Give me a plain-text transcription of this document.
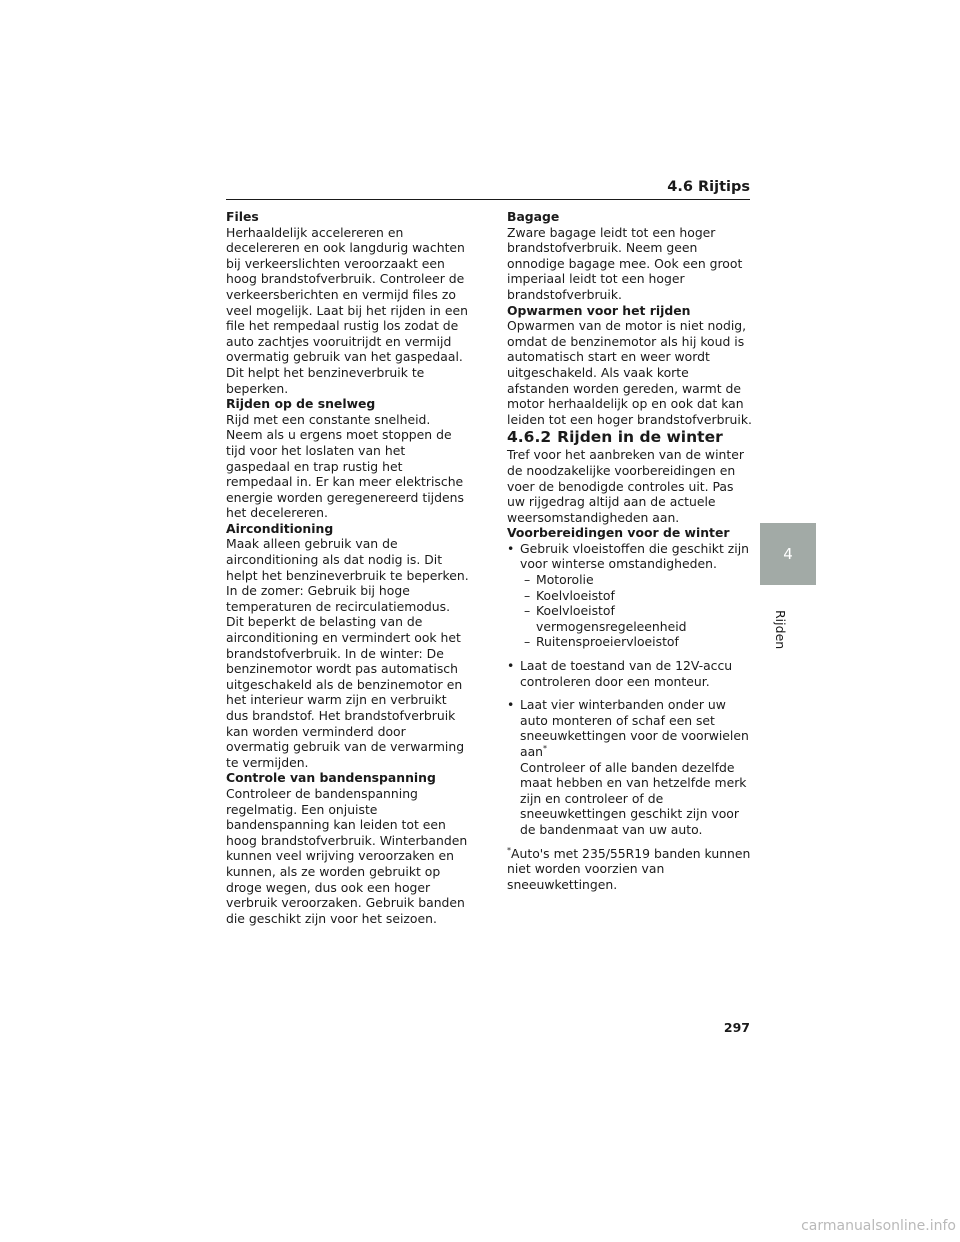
4.6 Rijtips

Files

Herhaaldelijk accelereren en decelereren en ook langdurig wachten bij verkeerslichten veroorzaakt een hoog brandstofverbruik. Controleer de verkeersberichten en vermijd files zo veel mogelijk. Laat bij het rijden in een file het rempedaal rustig los zodat de auto zachtjes vooruitrijdt en vermijd overmatig gebruik van het gaspedaal. Dit helpt het benzineverbruik te beperken.

Rijden op de snelweg

Rijd met een constante snelheid. Neem als u ergens moet stoppen de tijd voor het loslaten van het gaspedaal en trap rustig het rempedaal in. Er kan meer elektrische energie worden geregenereerd tijdens het decelereren.

Airconditioning

Maak alleen gebruik van de airconditioning als dat nodig is. Dit helpt het benzineverbruik te beperken. In de zomer: Gebruik bij hoge temperaturen de recirculatiemodus. Dit beperkt de belasting van de airconditioning en vermindert ook het brandstofverbruik. In de winter: De benzinemotor wordt pas automatisch uitgeschakeld als de benzinemotor en het interieur warm zijn en verbruikt dus brandstof. Het brandstofverbruik kan worden verminderd door overmatig gebruik van de verwarming te vermijden.

Controle van bandenspanning

Controleer de bandenspanning regelmatig. Een onjuiste bandenspanning kan leiden tot een hoog brandstofverbruik. Winterbanden kunnen veel wrijving veroorzaken en kunnen, als ze worden gebruikt op droge wegen, dus ook een hoger verbruik veroorzaken. Gebruik banden die geschikt zijn voor het seizoen.

Bagage

Zware bagage leidt tot een hoger brandstofverbruik. Neem geen onnodige bagage mee. Ook een groot imperiaal leidt tot een hoger brandstofverbruik.

Opwarmen voor het rijden

Opwarmen van de motor is niet nodig, omdat de benzinemotor als hij koud is automatisch start en weer wordt uitgeschakeld. Als vaak korte afstanden worden gereden, warmt de motor herhaaldelijk op en ook dat kan leiden tot een hoger brandstofverbruik.

4.6.2 Rijden in de winter

Tref voor het aanbreken van de winter de noodzakelijke voorbereidingen en voer de benodigde controles uit. Pas uw rijgedrag altijd aan de actuele weersomstandigheden aan.

Voorbereidingen voor de winter

• Gebruik vloeistoffen die geschikt zijn voor winterse omstandigheden.
– Motorolie
– Koelvloeistof
– Koelvloeistof vermogensregeleenheid
– Ruitensproeiervloeistof
• Laat de toestand van de 12V-accu controleren door een monteur.
• Laat vier winterbanden onder uw auto monteren of schaf een set sneeuwkettingen voor de voorwielen aan*

Controleer of alle banden dezelfde maat hebben en van hetzelfde merk zijn en controleer of de sneeuwkettingen geschikt zijn voor de bandenmaat van uw auto.

*Auto's met 235/55R19 banden kunnen niet worden voorzien van sneeuwkettingen.

4
Rijden
297
carmanualsonline.info
